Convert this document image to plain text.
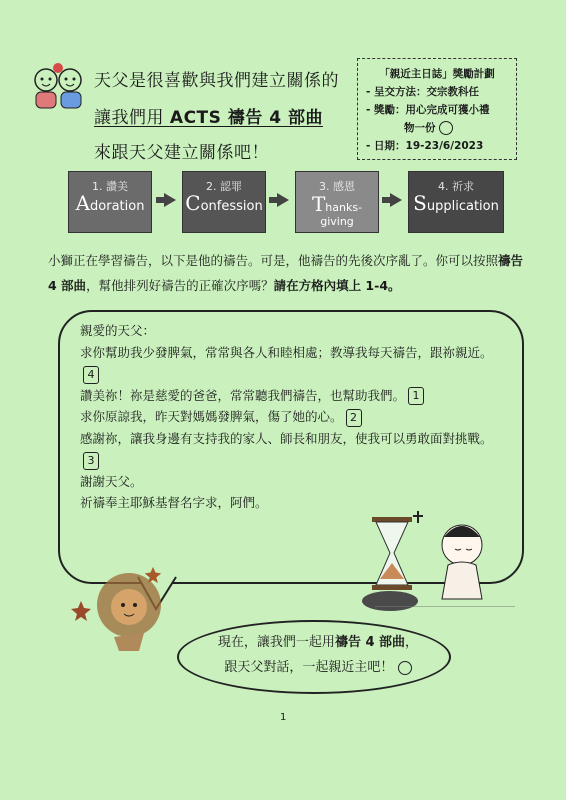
天父是很喜歡與我們建立關係的
讓我們用 ACTS 禱告 4 部曲
來跟天父建立關係吧！
「親近主日誌」獎勵計劃
- 呈交方法：交宗教科任
- 獎勵：用心完成可獲小禮
物一份
- 日期：19-23/6/2023
1. 讚美
Adoration
2. 認罪
Confession
3. 感恩
Thanks-giving
4. 祈求
Supplication
小獅正在學習禱告，以下是他的禱告。可是，他禱告的先後次序亂了。你可以按照禱告 4 部曲，幫他排列好禱告的正確次序嗎？請在方格內填上 1-4。
親愛的天父：
求你幫助我少發脾氣，常常與各人和睦相處；教導我每天禱告，跟祢親近。4
讚美祢！祢是慈愛的爸爸，常常聽我們禱告，也幫助我們。 1
求你原諒我，昨天對媽媽發脾氣，傷了她的心。 2
感謝祢，讓我身邊有支持我的家人、師長和朋友，使我可以勇敢面對挑戰。3
謝謝天父。
祈禱奉主耶穌基督名字求，阿們。
現在，讓我們一起用禱告 4 部曲，
跟天父對話，一起親近主吧！
1
